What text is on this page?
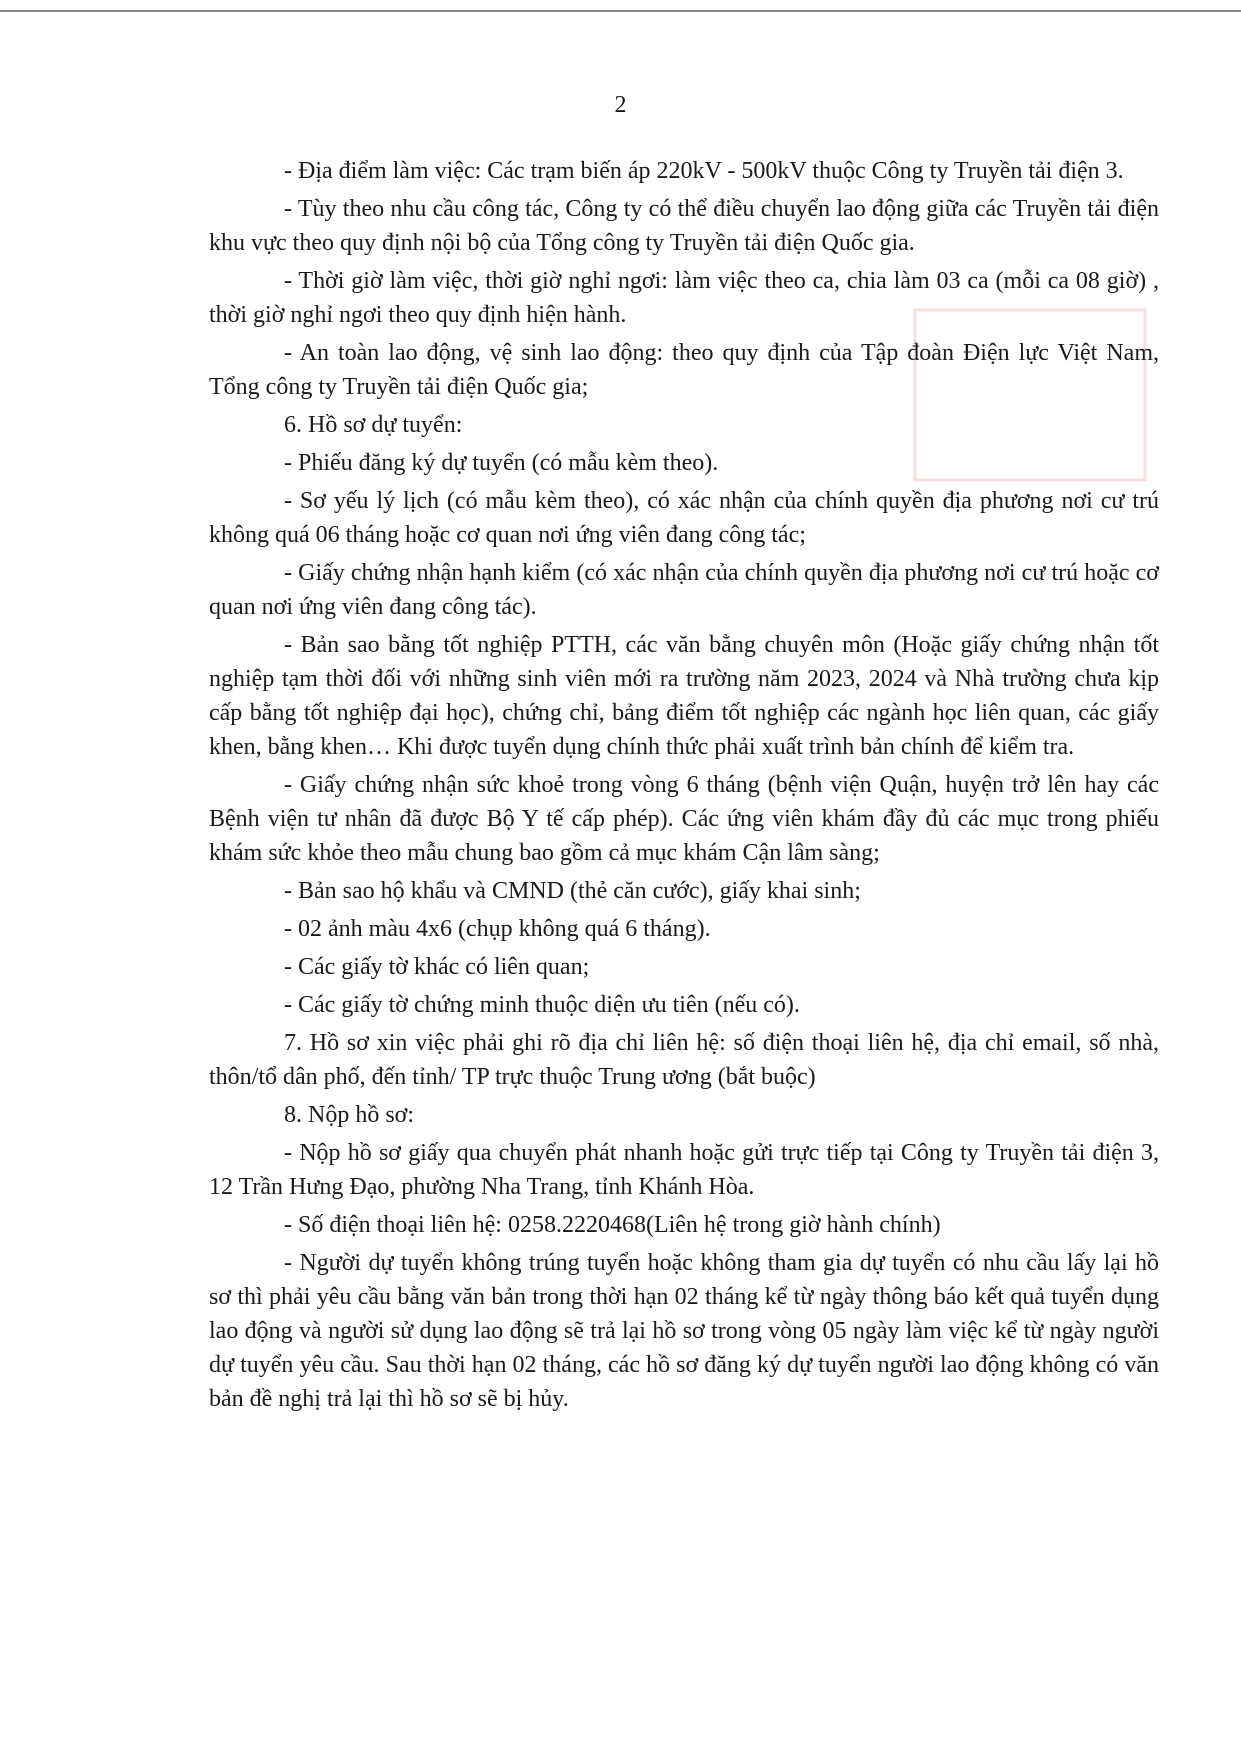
2

- Địa điểm làm việc: Các trạm biến áp 220kV - 500kV thuộc Công ty Truyền tải điện 3.

- Tùy theo nhu cầu công tác, Công ty có thể điều chuyển lao động giữa các Truyền tải điện khu vực theo quy định nội bộ của Tổng công ty Truyền tải điện Quốc gia.

- Thời giờ làm việc, thời giờ nghỉ ngơi: làm việc theo ca, chia làm 03 ca (mỗi ca 08 giờ) , thời giờ nghỉ ngơi theo quy định hiện hành.

- An toàn lao động, vệ sinh lao động: theo quy định của Tập đoàn Điện lực Việt Nam, Tổng công ty Truyền tải điện Quốc gia;

6. Hồ sơ dự tuyển:

- Phiếu đăng ký dự tuyển (có mẫu kèm theo).

- Sơ yếu lý lịch (có mẫu kèm theo), có xác nhận của chính quyền địa phương nơi cư trú không quá 06 tháng hoặc cơ quan nơi ứng viên đang công tác;

- Giấy chứng nhận hạnh kiểm (có xác nhận của chính quyền địa phương nơi cư trú hoặc cơ quan nơi ứng viên đang công tác).

- Bản sao bằng tốt nghiệp PTTH, các văn bằng chuyên môn (Hoặc giấy chứng nhận tốt nghiệp tạm thời đối với những sinh viên mới ra trường năm 2023, 2024 và Nhà trường chưa kịp cấp bằng tốt nghiệp đại học), chứng chỉ, bảng điểm tốt nghiệp các ngành học liên quan, các giấy khen, bằng khen… Khi được tuyển dụng chính thức phải xuất trình bản chính để kiểm tra.

- Giấy chứng nhận sức khoẻ trong vòng 6 tháng (bệnh viện Quận, huyện trở lên hay các Bệnh viện tư nhân đã được Bộ Y tế cấp phép). Các ứng viên khám đầy đủ các mục trong phiếu khám sức khỏe theo mẫu chung bao gồm cả mục khám Cận lâm sàng;

- Bản sao hộ khẩu và CMND (thẻ căn cước), giấy khai sinh;

- 02 ảnh màu 4x6 (chụp không quá 6 tháng).

- Các giấy tờ khác có liên quan;

- Các giấy tờ chứng minh thuộc diện ưu tiên (nếu có).

7. Hồ sơ xin việc phải ghi rõ địa chỉ liên hệ: số điện thoại liên hệ, địa chỉ email, số nhà, thôn/tổ dân phố, đến tỉnh/ TP trực thuộc Trung ương (bắt buộc)

8. Nộp hồ sơ:

- Nộp hồ sơ giấy qua chuyển phát nhanh hoặc gửi trực tiếp tại Công ty Truyền tải điện 3, 12 Trần Hưng Đạo, phường Nha Trang, tỉnh Khánh Hòa.

- Số điện thoại liên hệ: 0258.2220468(Liên hệ trong giờ hành chính)

- Người dự tuyển không trúng tuyển hoặc không tham gia dự tuyển có nhu cầu lấy lại hồ sơ thì phải yêu cầu bằng văn bản trong thời hạn 02 tháng kể từ ngày thông báo kết quả tuyển dụng lao động và người sử dụng lao động sẽ trả lại hồ sơ trong vòng 05 ngày làm việc kể từ ngày người dự tuyển yêu cầu. Sau thời hạn 02 tháng, các hồ sơ đăng ký dự tuyển người lao động không có văn bản đề nghị trả lại thì hồ sơ sẽ bị hủy.
